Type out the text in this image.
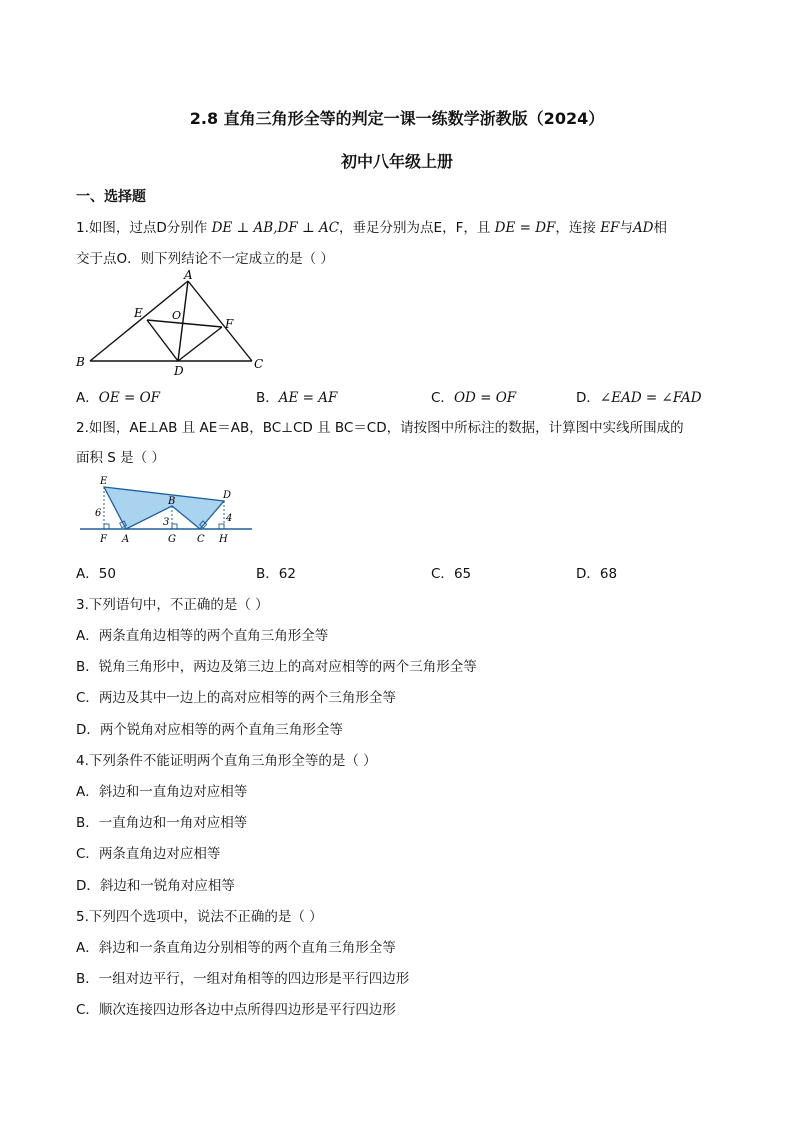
2.8 直角三角形全等的判定一课一练数学浙教版（2024）
初中八年级上册
一、选择题
1.如图，过点D分别作 DE ⊥ AB,DF ⊥ AC，垂足分别为点E，F，且 DE = DF，连接 EF与AD相
交于点O．则下列结论不一定成立的是（ ）
A
B	C
D
E
F
O
A．OE = OF	B．AE = AF	C．OD = OF	D．∠EAD = ∠FAD
2.如图，AE⊥AB 且 AE＝AB，BC⊥CD 且 BC＝CD，请按图中所标注的数据，计算图中实线所围成的
面积 S 是（ ）
E
B
D
F A	G C H
6
3	4
A．50	B．62	C．65	D．68
3.下列语句中，不正确的是（ ）
A．两条直角边相等的两个直角三角形全等
B．锐角三角形中，两边及第三边上的高对应相等的两个三角形全等
C．两边及其中一边上的高对应相等的两个三角形全等
D．两个锐角对应相等的两个直角三角形全等
4.下列条件不能证明两个直角三角形全等的是（ ）
A．斜边和一直角边对应相等
B．一直角边和一角对应相等
C．两条直角边对应相等
D．斜边和一锐角对应相等
5.下列四个选项中，说法不正确的是（ ）
A．斜边和一条直角边分别相等的两个直角三角形全等
B．一组对边平行，一组对角相等的四边形是平行四边形
C．顺次连接四边形各边中点所得四边形是平行四边形
